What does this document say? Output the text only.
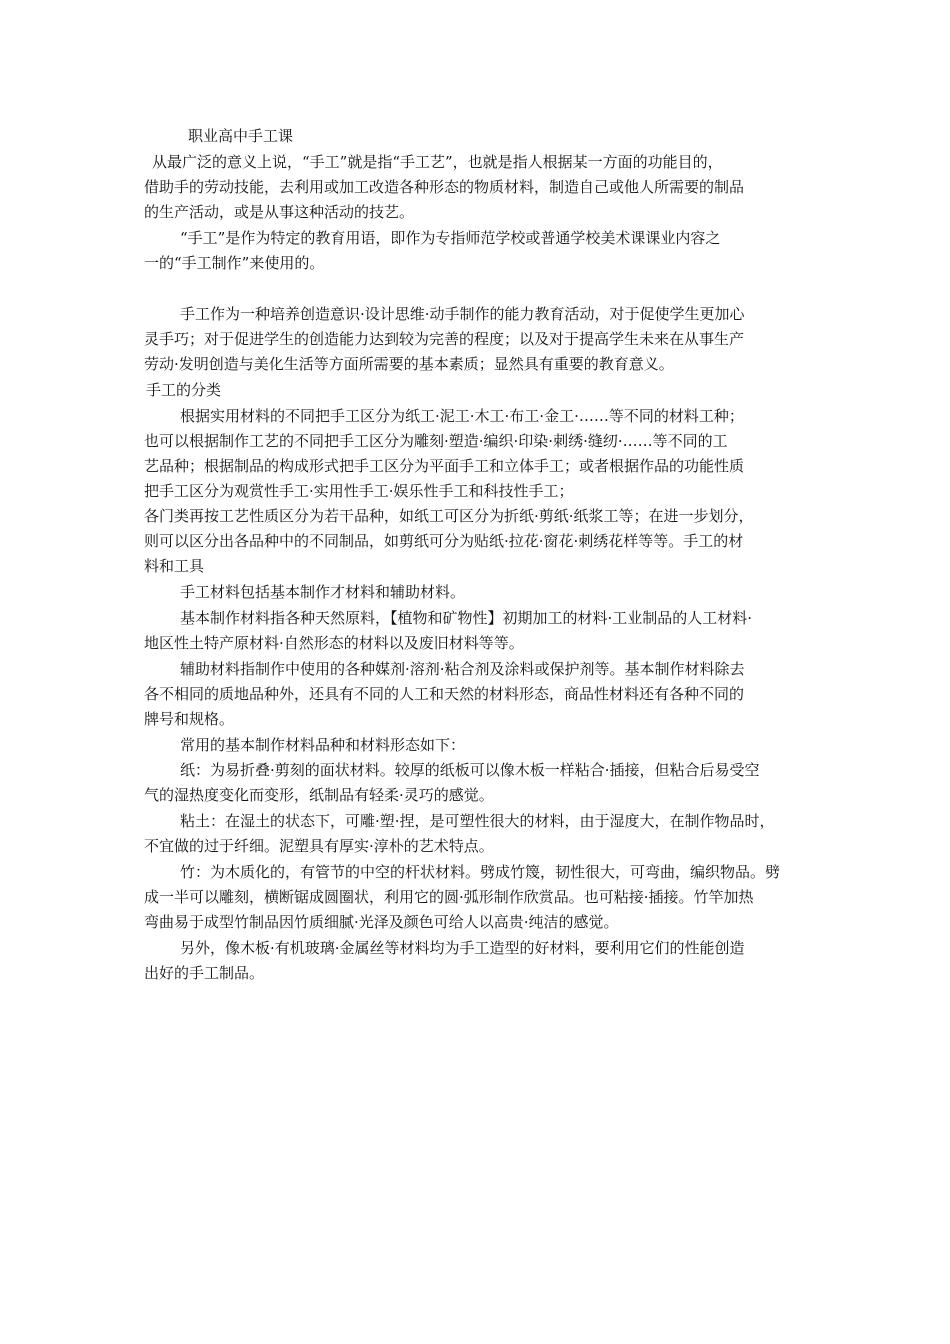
职业高中手工课
从最广泛的意义上说，“手工”就是指“手工艺”，也就是指人根据某一方面的功能目的，
借助手的劳动技能，去利用或加工改造各种形态的物质材料，制造自己或他人所需要的制品
的生产活动，或是从事这种活动的技艺。
“手工”是作为特定的教育用语，即作为专指师范学校或普通学校美术课课业内容之
一的“手工制作”来使用的。
手工作为一种培养创造意识·设计思维·动手制作的能力教育活动，对于促使学生更加心
灵手巧；对于促进学生的创造能力达到较为完善的程度；以及对于提高学生未来在从事生产
劳动·发明创造与美化生活等方面所需要的基本素质；显然具有重要的教育意义。
手工的分类
根据实用材料的不同把手工区分为纸工·泥工·木工·布工·金工·……等不同的材料工种；
也可以根据制作工艺的不同把手工区分为雕刻·塑造·编织·印染·刺绣·缝纫·……等不同的工
艺品种；根据制品的构成形式把手工区分为平面手工和立体手工；或者根据作品的功能性质
把手工区分为观赏性手工·实用性手工·娱乐性手工和科技性手工；
各门类再按工艺性质区分为若干品种，如纸工可区分为折纸·剪纸·纸浆工等；在进一步划分，
则可以区分出各品种中的不同制品，如剪纸可分为贴纸·拉花·窗花·刺绣花样等等。手工的材
料和工具
手工材料包括基本制作才材料和辅助材料。
基本制作材料指各种天然原料，【植物和矿物性】初期加工的材料·工业制品的人工材料·
地区性土特产原材料·自然形态的材料以及废旧材料等等。
辅助材料指制作中使用的各种媒剂·溶剂·粘合剂及涂料或保护剂等。基本制作材料除去
各不相同的质地品种外，还具有不同的人工和天然的材料形态，商品性材料还有各种不同的
牌号和规格。
常用的基本制作材料品种和材料形态如下：
纸：为易折叠·剪刻的面状材料。较厚的纸板可以像木板一样粘合·插接，但粘合后易受空
气的湿热度变化而变形，纸制品有轻柔·灵巧的感觉。
粘土：在湿土的状态下，可雕·塑·捏，是可塑性很大的材料，由于湿度大，在制作物品时，
不宜做的过于纤细。泥塑具有厚实·淳朴的艺术特点。
竹：为木质化的，有管节的中空的杆状材料。劈成竹篾，韧性很大，可弯曲，编织物品。劈
成一半可以雕刻，横断锯成圆圈状，利用它的圆·弧形制作欣赏品。也可粘接·插接。竹竿加热
弯曲易于成型竹制品因竹质细腻·光泽及颜色可给人以高贵·纯洁的感觉。
另外，像木板·有机玻璃·金属丝等材料均为手工造型的好材料，要利用它们的性能创造
出好的手工制品。
